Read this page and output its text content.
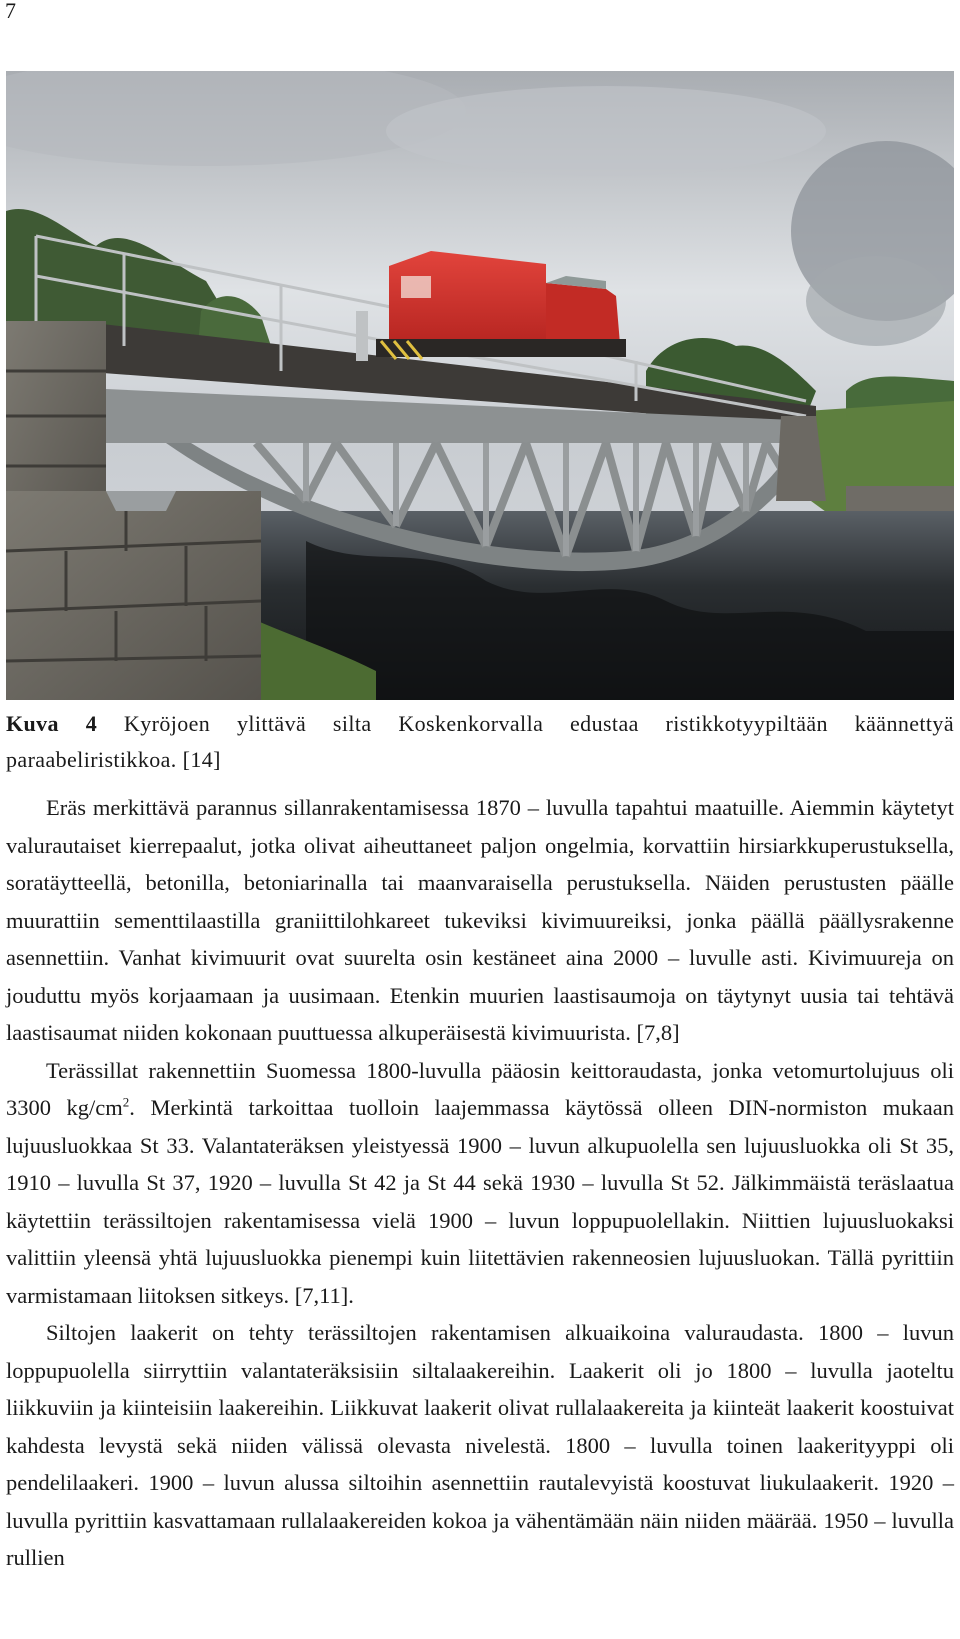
7
Kuva 4 Kyröjoen ylittävä silta Koskenkorvalla edustaa ristikkotyypiltään käännettyä paraabeliristikkoa. [14]

Eräs merkittävä parannus sillanrakentamisessa 1870 – luvulla tapahtui maatuille. Aiemmin käytetyt valurautaiset kierrepaalut, jotka olivat aiheuttaneet paljon ongelmia, korvattiin hirsiarkkuperustuksella, soratäytteellä, betonilla, betoniarinalla tai maanvaraisella perustuksella. Näiden perustusten päälle muurattiin sementtilaastilla graniittilohkareet tukeviksi kivimuureiksi, jonka päällä päällysrakenne asennettiin. Vanhat kivimuurit ovat suurelta osin kestäneet aina 2000 – luvulle asti. Kivimuureja on jouduttu myös korjaamaan ja uusimaan. Etenkin muurien laastisaumoja on täytynyt uusia tai tehtävä laastisaumat niiden kokonaan puuttuessa alkuperäisestä kivimuurista. [7,8]

Terässillat rakennettiin Suomessa 1800-luvulla pääosin keittoraudasta, jonka vetomurtolujuus oli 3300 $kg/cm^2$. Merkintä tarkoittaa tuolloin laajemmassa käytössä olleen DIN-normiston mukaan lujuusluokkaa St 33. Valantateräksen yleistyessä 1900 – luvun alkupuolella sen lujuusluokka oli St 35, 1910 – luvulla St 37, 1920 – luvulla St 42 ja St 44 sekä 1930 – luvulla St 52. Jälkimmäistä teräslaatua käytettiin terässiltojen rakentamisessa vielä 1900 – luvun loppupuolellakin. Niittien lujuusluokaksi valittiin yleensä yhtä lujuusluokka pienempi kuin liitettävien rakenneosien lujuusluokan. Tällä pyrittiin varmistamaan liitoksen sitkeys. [7,11].

Siltojen laakerit on tehty terässiltojen rakentamisen alkuaikoina valuraudasta. 1800 – luvun loppupuolella siirryttiin valantateräksisiin siltalaakereihin. Laakerit oli jo 1800 – luvulla jaoteltu liikkuviin ja kiinteisiin laakereihin. Liikkuvat laakerit olivat rullalaakereita ja kiinteät laakerit koostuivat kahdesta levystä sekä niiden välissä olevasta nivelestä. 1800 – luvulla toinen laakerityyppi oli pendelilaakeri. 1900 – luvun alussa siltoihin asennettiin rautalevyistä koostuvat liukulaakerit. 1920 – luvulla pyrittiin kasvattamaan rullalaakereiden kokoa ja vähentämään näin niiden määrää. 1950 – luvulla rullien
